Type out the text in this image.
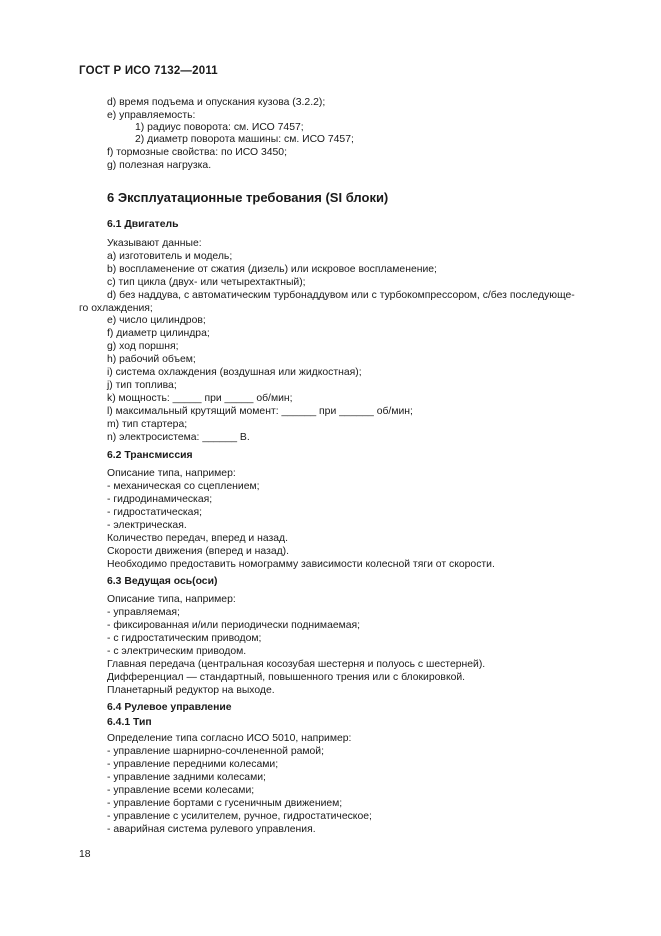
ГОСТ Р ИСО 7132—2011
d) время подъема и опускания кузова (3.2.2);
e) управляемость:
1) радиус поворота: см. ИСО 7457;
2) диаметр поворота машины: см. ИСО 7457;
f) тормозные свойства: по ИСО 3450;
g) полезная нагрузка.
6 Эксплуатационные требования (SI блоки)
6.1 Двигатель
Указывают данные:
а) изготовитель и модель;
b) воспламенение от сжатия (дизель) или искровое воспламенение;
c) тип цикла (двух- или четырехтактный);
d) без наддува, с автоматическим турбонаддувом или с турбокомпрессором, с/без последующе-
го охлаждения;
e) число цилиндров;
f) диаметр цилиндра;
g) ход поршня;
h) рабочий объем;
i) система охлаждения (воздушная или жидкостная);
j) тип топлива;
k) мощность: _____ при _____ об/мин;
l) максимальный крутящий момент: ______ при ______ об/мин;
m) тип стартера;
n) электросистема: ______ В.
6.2 Трансмиссия
Описание типа, например:
- механическая со сцеплением;
- гидродинамическая;
- гидростатическая;
- электрическая.
Количество передач, вперед и назад.
Скорости движения (вперед и назад).
Необходимо предоставить номограмму зависимости колесной тяги от скорости.
6.3 Ведущая ось(оси)
Описание типа, например:
- управляемая;
- фиксированная и/или периодически поднимаемая;
- с гидростатическим приводом;
- с электрическим приводом.
Главная передача (центральная косозубая шестерня и полуось с шестерней).
Дифференциал — стандартный, повышенного трения или с блокировкой.
Планетарный редуктор на выходе.
6.4 Рулевое управление
6.4.1 Тип
Определение типа согласно ИСО 5010, например:
- управление шарнирно-сочлененной рамой;
- управление передними колесами;
- управление задними колесами;
- управление всеми колесами;
- управление бортами с гусеничным движением;
- управление с усилителем, ручное, гидростатическое;
- аварийная система рулевого управления.
18
